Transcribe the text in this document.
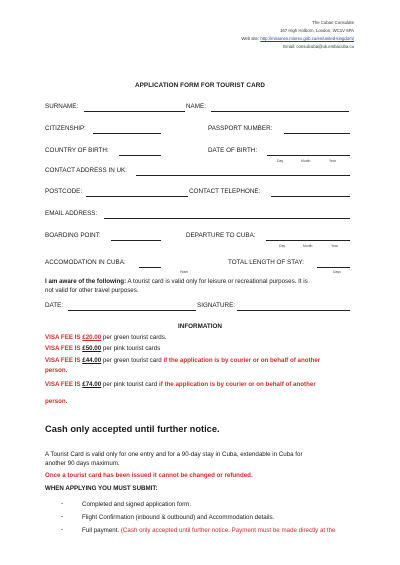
The Cuban Consulate
167 High Holborn, London, WC1V 6PA
Web site: http://misiones.minrex.gob.cu/en/united-kingdom/
Email: consulcuba@uk.embacuba.cu
APPLICATION FORM FOR TOURIST CARD
SURNAME:	NAME:
CITIZENSHIP:	PASSPORT NUMBER:
COUNTRY OF BIRTH:	DATE OF BIRTH:
Day	Month	Year
CONTACT ADDRESS IN UK:
POSTCODE:	CONTACT TELEPHONE:
EMAIL ADDRESS:
BOARDING POINT:	DEPARTURE TO CUBA:
Day	Month	Year
ACCOMODATION IN CUBA:
Hotel
TOTAL LENGTH OF STAY:
Days
I am aware of the following: A tourist card is valid only for leisure or recreational purposes. It is
not valid for other travel purposes.
DATE:	SIGNATURE:
INFORMATION
VISA FEE IS £20.00 per green tourist cards.
VISA FEE IS £50.00 per pink tourist cards
VISA FEE IS £44.00 per green tourist card if the application is by courier or on behalf of another
person.
VISA FEE IS £74.00 per pink tourist card if the application is by courier or on behalf of another
person.
Cash only accepted until further notice.
A Tourist Card is valid only for one entry and for a 90-day stay in Cuba, extendable in Cuba for
another 90 days maximum.
Once a tourist card has been issued it cannot be changed or refunded.
WHEN APPLYING YOU MUST SUBMIT:
-	Completed and signed application form.
-	Flight Confirmation (inbound & outbound) and Accommodation details.
-	Full payment. (Cash only accepted until further notice. Payment must be made directly at the
